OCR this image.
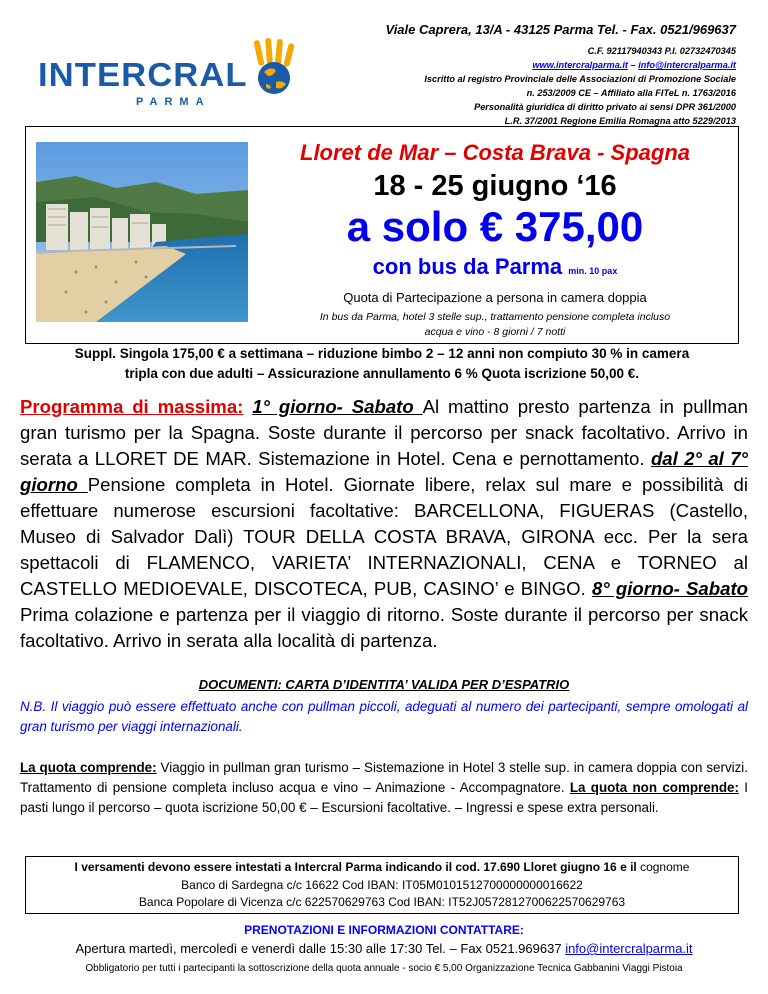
INTERCRAL
PARMA
Viale Caprera, 13/A - 43125 Parma Tel. - Fax. 0521/969637
C.F. 92117940343 P.I. 02732470345
www.intercralparma.it – info@intercralparma.it
Iscritto al registro Provinciale delle Associazioni di Promozione Sociale
n. 253/2009 CE – Affiliato alla FITeL n. 1763/2016
Personalità giuridica di diritto privato ai sensi DPR 361/2000
L.R. 37/2001 Regione Emilia Romagna atto 5229/2013
Lloret de Mar – Costa Brava - Spagna
18 - 25 giugno ‘16
a solo € 375,00
con bus da Parma min. 10 pax
Quota di Partecipazione a persona in camera doppia
In bus da Parma, hotel 3 stelle sup., trattamento pensione completa incluso
acqua e vino - 8 giorni / 7 notti
Suppl. Singola 175,00 € a settimana – riduzione bimbo 2 – 12 anni non compiuto 30 % in camera
tripla con due adulti – Assicurazione annullamento 6 % Quota iscrizione 50,00 €.
Programma di massima: 1° giorno- Sabato Al mattino presto partenza in pullman gran turismo per la Spagna. Soste durante il percorso per snack facoltativo. Arrivo in serata a LLORET DE MAR. Sistemazione in Hotel. Cena e pernottamento. dal 2° al 7° giorno Pensione completa in Hotel. Giornate libere, relax sul mare e possibilità di effettuare numerose escursioni facoltative: BARCELLONA, FIGUERAS (Castello, Museo di Salvador Dalì) TOUR DELLA COSTA BRAVA, GIRONA ecc. Per la sera spettacoli di FLAMENCO, VARIETA’ INTERNAZIONALI, CENA e TORNEO al CASTELLO MEDIOEVALE, DISCOTECA, PUB, CASINO’ e BINGO. 8° giorno- Sabato Prima colazione e partenza per il viaggio di ritorno. Soste durante il percorso per snack facoltativo. Arrivo in serata alla località di partenza.
DOCUMENTI: CARTA D’IDENTITA’ VALIDA PER D’ESPATRIO
N.B. Il viaggio può essere effettuato anche con pullman piccoli, adeguati al numero dei partecipanti, sempre omologati al gran turismo per viaggi internazionali.
La quota comprende: Viaggio in pullman gran turismo – Sistemazione in Hotel 3 stelle sup. in camera doppia con servizi. Trattamento di pensione completa incluso acqua e vino – Animazione - Accompagnatore. La quota non comprende: I pasti lungo il percorso – quota iscrizione 50,00 € – Escursioni facoltative. – Ingressi e spese extra personali.
I versamenti devono essere intestati a Intercral Parma indicando il cod. 17.690 Lloret giugno 16 e il cognome
Banco di Sardegna c/c 16622 Cod IBAN: IT05M0101512700000000016622
Banca Popolare di Vicenza c/c 622570629763 Cod IBAN: IT52J0572812700622570629763
PRENOTAZIONI E INFORMAZIONI CONTATTARE:
Apertura martedì, mercoledì e venerdì dalle 15:30 alle 17:30 Tel. – Fax 0521.969637 info@intercralparma.it
Obbligatorio per tutti i partecipanti la sottoscrizione della quota annuale - socio € 5,00 Organizzazione Tecnica Gabbanini Viaggi Pistoia
